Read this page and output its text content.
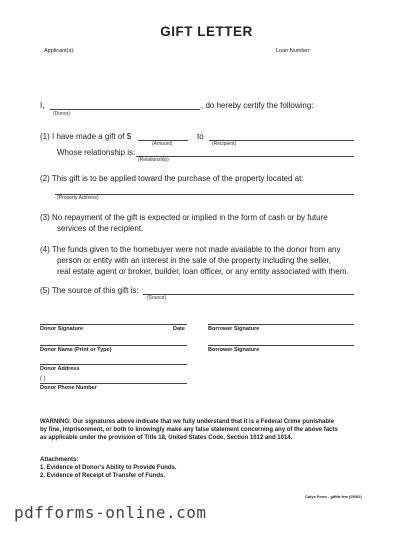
GIFT LETTER
Applicant(s):	Loan Number:
I,
(Donor)
, do hereby certify the following:
(1) I have made a gift of $
(Amount)
to
(Recipient)
Whose relationship is:
(Relationship)
(2) This gift is to be applied toward the purchase of the property located at:
(Property Address)
(3) No repayment of the gift is expected or implied in the form of cash or by future
services of the recipient.
(4) The funds given to the homebuyer were not made available to the donor from any
person or entity with an interest in the sale of the property including the seller,
real estate agent or broker, builder, loan officer, or any entity associated with them.
(5) The source of this gift is:
(Source)
Donor Signature	Date	Borrower Signature
Donor Name (Print or Type)	Borrower Signature
Donor Address
( )
Donor Phone Number
WARNING: Our signatures above indicate that we fully understand that it is a Federal Crime punishable
by fine, imprisonment, or both to knowingly make any false statement concerning any of the above facts
as applicable under the provision of Title 18, United States Code, Section 1012 and 1014.
Attachments:
1. Evidence of Donor's Ability to Provide Funds.
2. Evidence of Receipt of Transfer of Funds.
Calyx Form - giftltr.frm (05/02)
pdfforms-online.com
